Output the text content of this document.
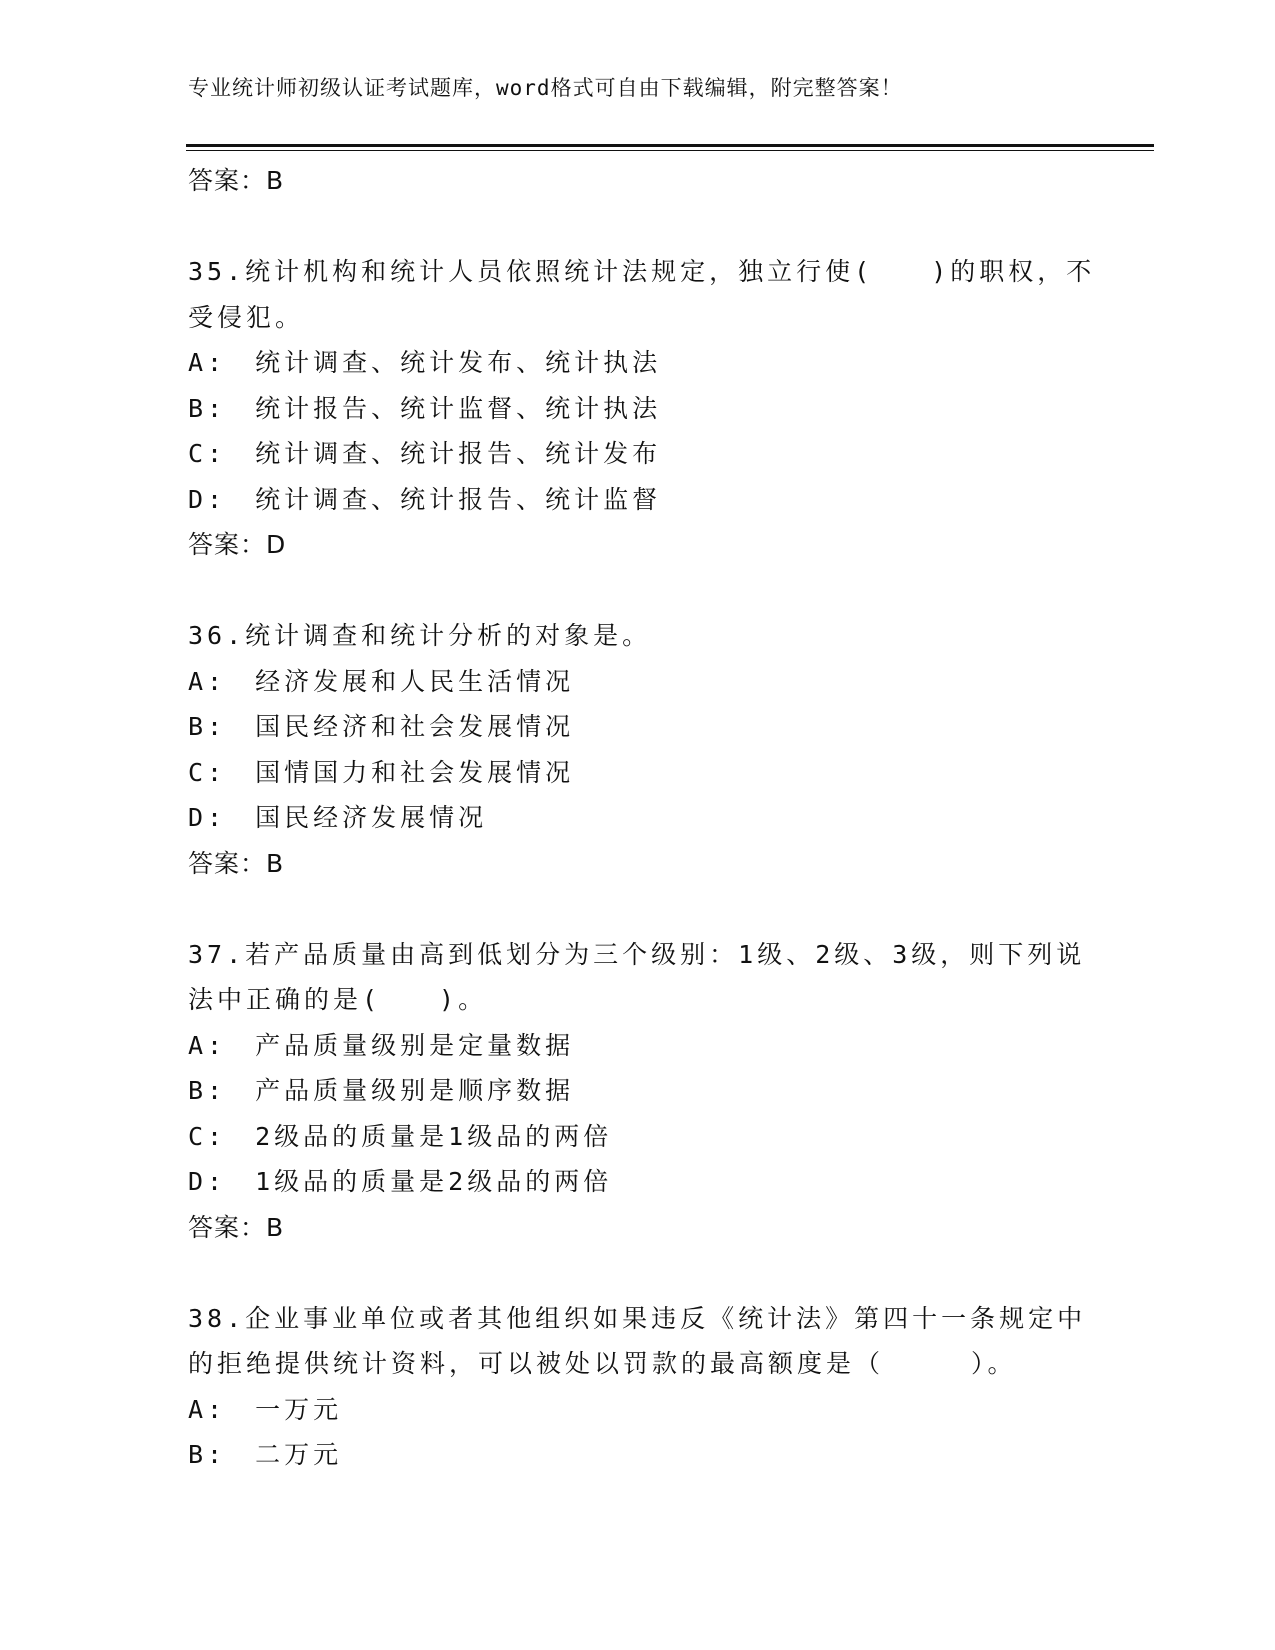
专业统计师初级认证考试题库，word格式可自由下载编辑，附完整答案！
答案：B
35.统计机构和统计人员依照统计法规定，独立行使(　　)的职权，不
受侵犯。
A:　统计调查、统计发布、统计执法
B:　统计报告、统计监督、统计执法
C:　统计调查、统计报告、统计发布
D:　统计调查、统计报告、统计监督
答案：D
36.统计调查和统计分析的对象是。
A:　经济发展和人民生活情况
B:　国民经济和社会发展情况
C:　国情国力和社会发展情况
D:　国民经济发展情况
答案：B
37.若产品质量由高到低划分为三个级别：1级、2级、3级，则下列说
法中正确的是(　　)。
A:　产品质量级别是定量数据
B:　产品质量级别是顺序数据
C:　2级品的质量是1级品的两倍
D:　1级品的质量是2级品的两倍
答案：B
38.企业事业单位或者其他组织如果违反《统计法》第四十一条规定中
的拒绝提供统计资料，可以被处以罚款的最高额度是（　　　）。
A:　一万元
B:　二万元
